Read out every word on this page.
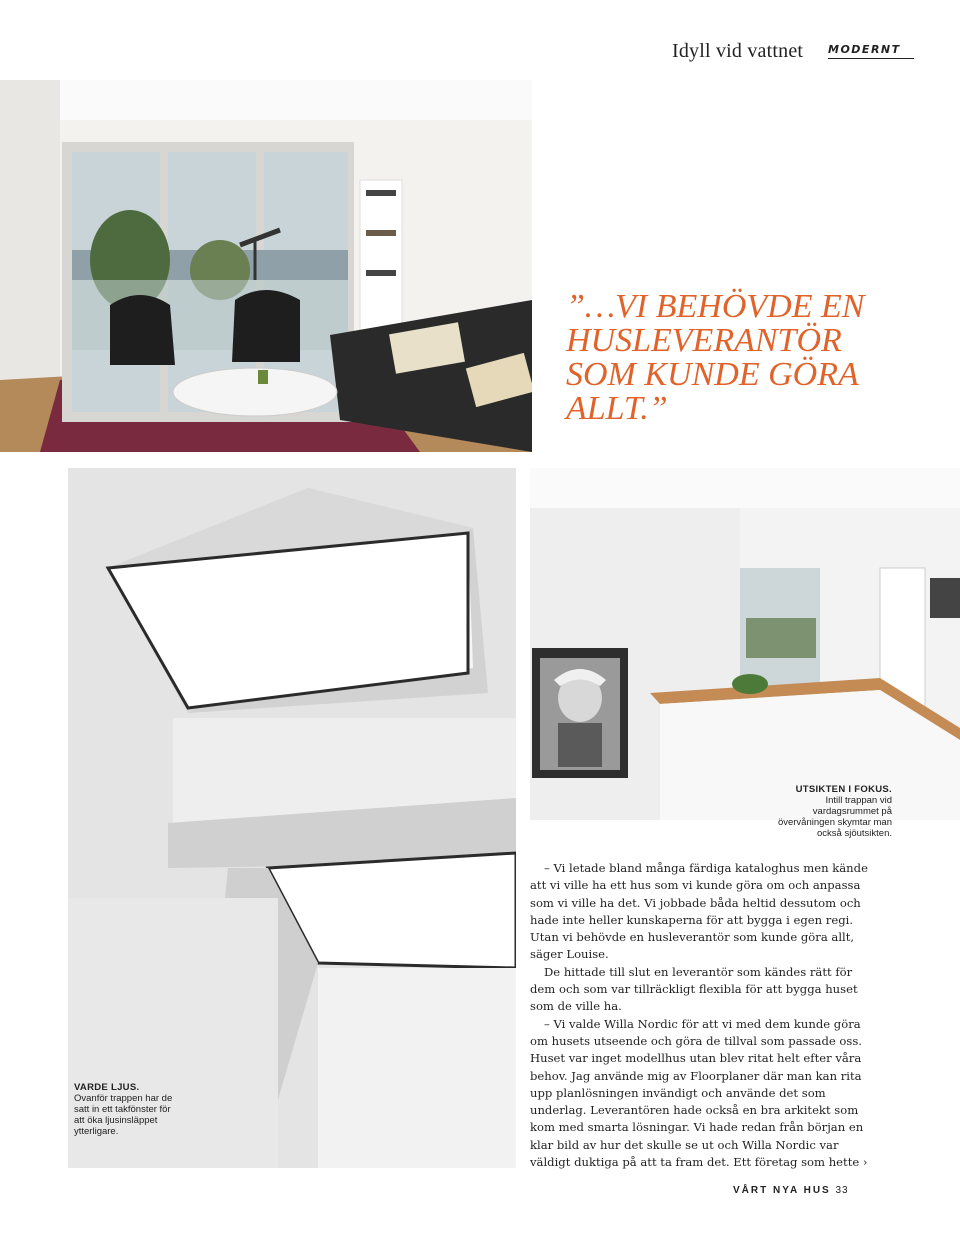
Idyll vid vattnet MODERNT
”…VI BEHÖVDE EN HUSLEVERANTÖR SOM KUNDE GÖRA ALLT.”
UTSIKTEN I FOKUS.
Intill trappan vid vardagsrummet på övervåningen skymtar man också sjöutsikten.
VARDE LJUS.
Ovanför trappen har de satt in ett takfönster för att öka ljusinsläppet ytterligare.

– Vi letade bland många färdiga kataloghus men kände att vi ville ha ett hus som vi kunde göra om och anpassa som vi ville ha det. Vi jobbade båda heltid dessutom och hade inte heller kunskaperna för att bygga i egen regi. Utan vi behövde en husleverantör som kunde göra allt, säger Louise.

De hittade till slut en leverantör som kändes rätt för dem och som var tillräckligt flexibla för att bygga huset som de ville ha.

– Vi valde Willa Nordic för att vi med dem kunde göra om husets utseende och göra de tillval som passade oss. Huset var inget modellhus utan blev ritat helt efter våra behov. Jag använde mig av Floorplaner där man kan rita upp planlösningen invändigt och använde det som underlag. Leverantören hade också en bra arkitekt som kom med smarta lösningar. Vi hade redan från början en klar bild av hur det skulle se ut och Willa Nordic var väldigt duktiga på att ta fram det. Ett företag som hette ›

VÅRT NYA HUS 33
